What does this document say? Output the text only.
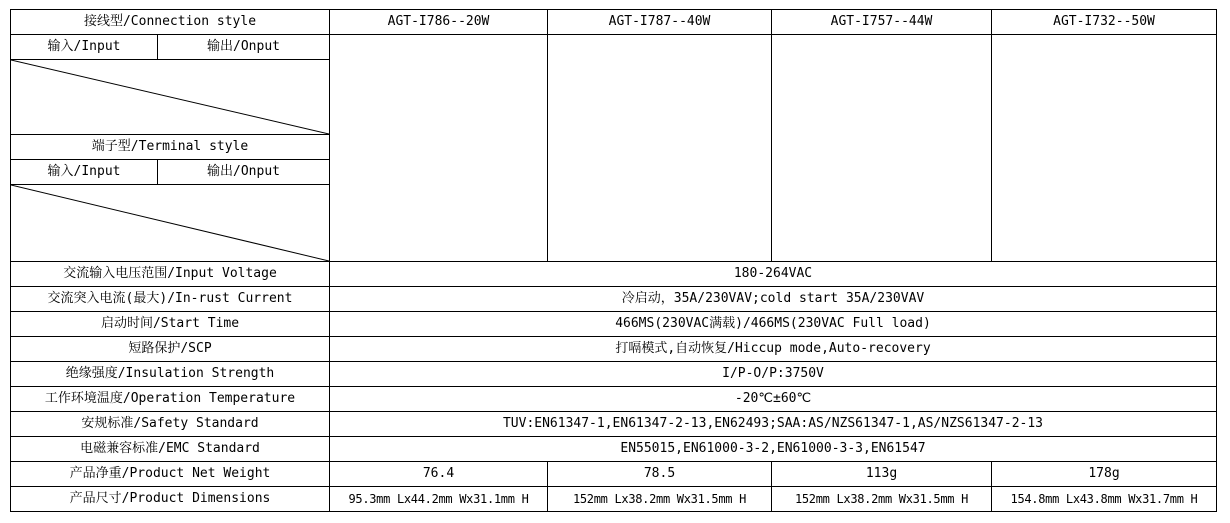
接线型/Connection style		AGT-I786--20W	AGT-I787--40W	AGT-I757--44W	AGT-I732--50W
输入/Input	输出/Onput				

端子型/Terminal style					
输入/Input	输出/Onput				

交流输入电压范围/Input Voltage		180-264VAC			
交流突入电流(最大)/In-rust Current		冷启动，35A/230VAV;cold start 35A/230VAV			
启动时间/Start Time		466MS(230VAC满载)/466MS(230VAC Full load)			
短路保护/SCP		打嗝模式,自动恢复/Hiccup mode,Auto-recovery			
绝缘强度/Insulation Strength		I/P-O/P:3750V			
工作环境温度/Operation Temperature		-20℃±60℃			
安规标准/Safety Standard		TUV:EN61347-1,EN61347-2-13,EN62493;SAA:AS/NZS61347-1,AS/NZS61347-2-13			
电磁兼容标准/EMC Standard		EN55015,EN61000-3-2,EN61000-3-3,EN61547			
产品净重/Product Net Weight		76.4	78.5	113g	178g
产品尺寸/Product Dimensions		95.3mm Lx44.2mm Wx31.1mm H	152mm Lx38.2mm Wx31.5mm H	152mm Lx38.2mm Wx31.5mm H	154.8mm Lx43.8mm Wx31.7mm H
